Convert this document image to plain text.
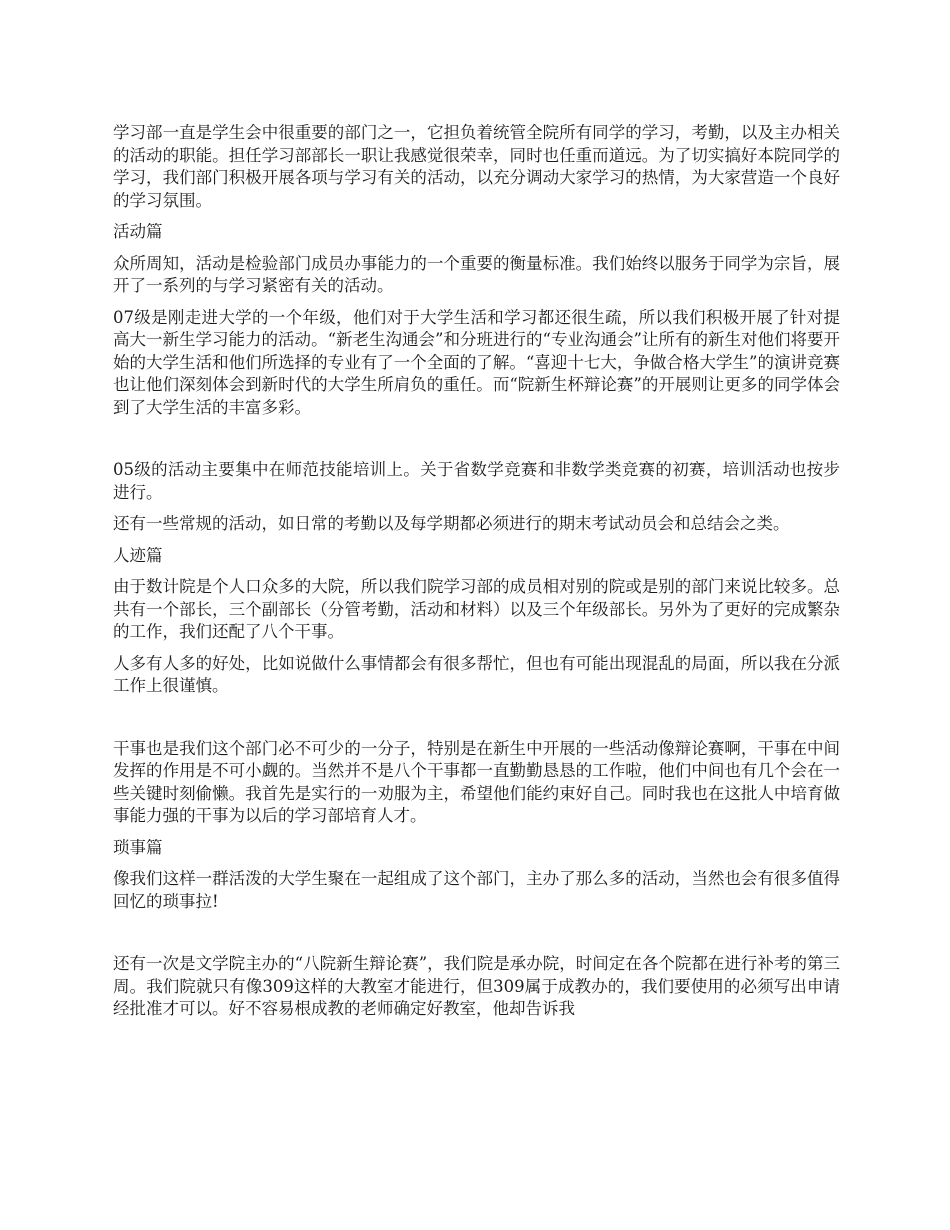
学习部一直是学生会中很重要的部门之一，它担负着统管全院所有同学的学习，考勤，以及主办相关的活动的职能。担任学习部部长一职让我感觉很荣幸，同时也任重而道远。为了切实搞好本院同学的学习，我们部门积极开展各项与学习有关的活动，以充分调动大家学习的热情，为大家营造一个良好的学习氛围。

活动篇

众所周知，活动是检验部门成员办事能力的一个重要的衡量标准。我们始终以服务于同学为宗旨，展开了一系列的与学习紧密有关的活动。

07级是刚走进大学的一个年级，他们对于大学生活和学习都还很生疏，所以我们积极开展了针对提高大一新生学习能力的活动。“新老生沟通会”和分班进行的“专业沟通会”让所有的新生对他们将要开始的大学生活和他们所选择的专业有了一个全面的了解。“喜迎十七大，争做合格大学生”的演讲竞赛也让他们深刻体会到新时代的大学生所肩负的重任。而“院新生杯辩论赛”的开展则让更多的同学体会到了大学生活的丰富多彩。

05级的活动主要集中在师范技能培训上。关于省数学竞赛和非数学类竞赛的初赛，培训活动也按步进行。

还有一些常规的活动，如日常的考勤以及每学期都必须进行的期末考试动员会和总结会之类。

人迹篇

由于数计院是个人口众多的大院，所以我们院学习部的成员相对别的院或是别的部门来说比较多。总共有一个部长，三个副部长（分管考勤，活动和材料）以及三个年级部长。另外为了更好的完成繁杂的工作，我们还配了八个干事。

人多有人多的好处，比如说做什么事情都会有很多帮忙，但也有可能出现混乱的局面，所以我在分派工作上很谨慎。

干事也是我们这个部门必不可少的一分子，特别是在新生中开展的一些活动像辩论赛啊，干事在中间发挥的作用是不可小觑的。当然并不是八个干事都一直勤勤恳恳的工作啦，他们中间也有几个会在一些关键时刻偷懒。我首先是实行的一劝服为主，希望他们能约束好自己。同时我也在这批人中培育做事能力强的干事为以后的学习部培育人才。

琐事篇

像我们这样一群活泼的大学生聚在一起组成了这个部门，主办了那么多的活动，当然也会有很多值得回忆的琐事拉!

还有一次是文学院主办的“八院新生辩论赛”，我们院是承办院，时间定在各个院都在进行补考的第三周。我们院就只有像309这样的大教室才能进行，但309属于成教办的，我们要使用的必须写出申请经批准才可以。好不容易根成教的老师确定好教室，他却告诉我
